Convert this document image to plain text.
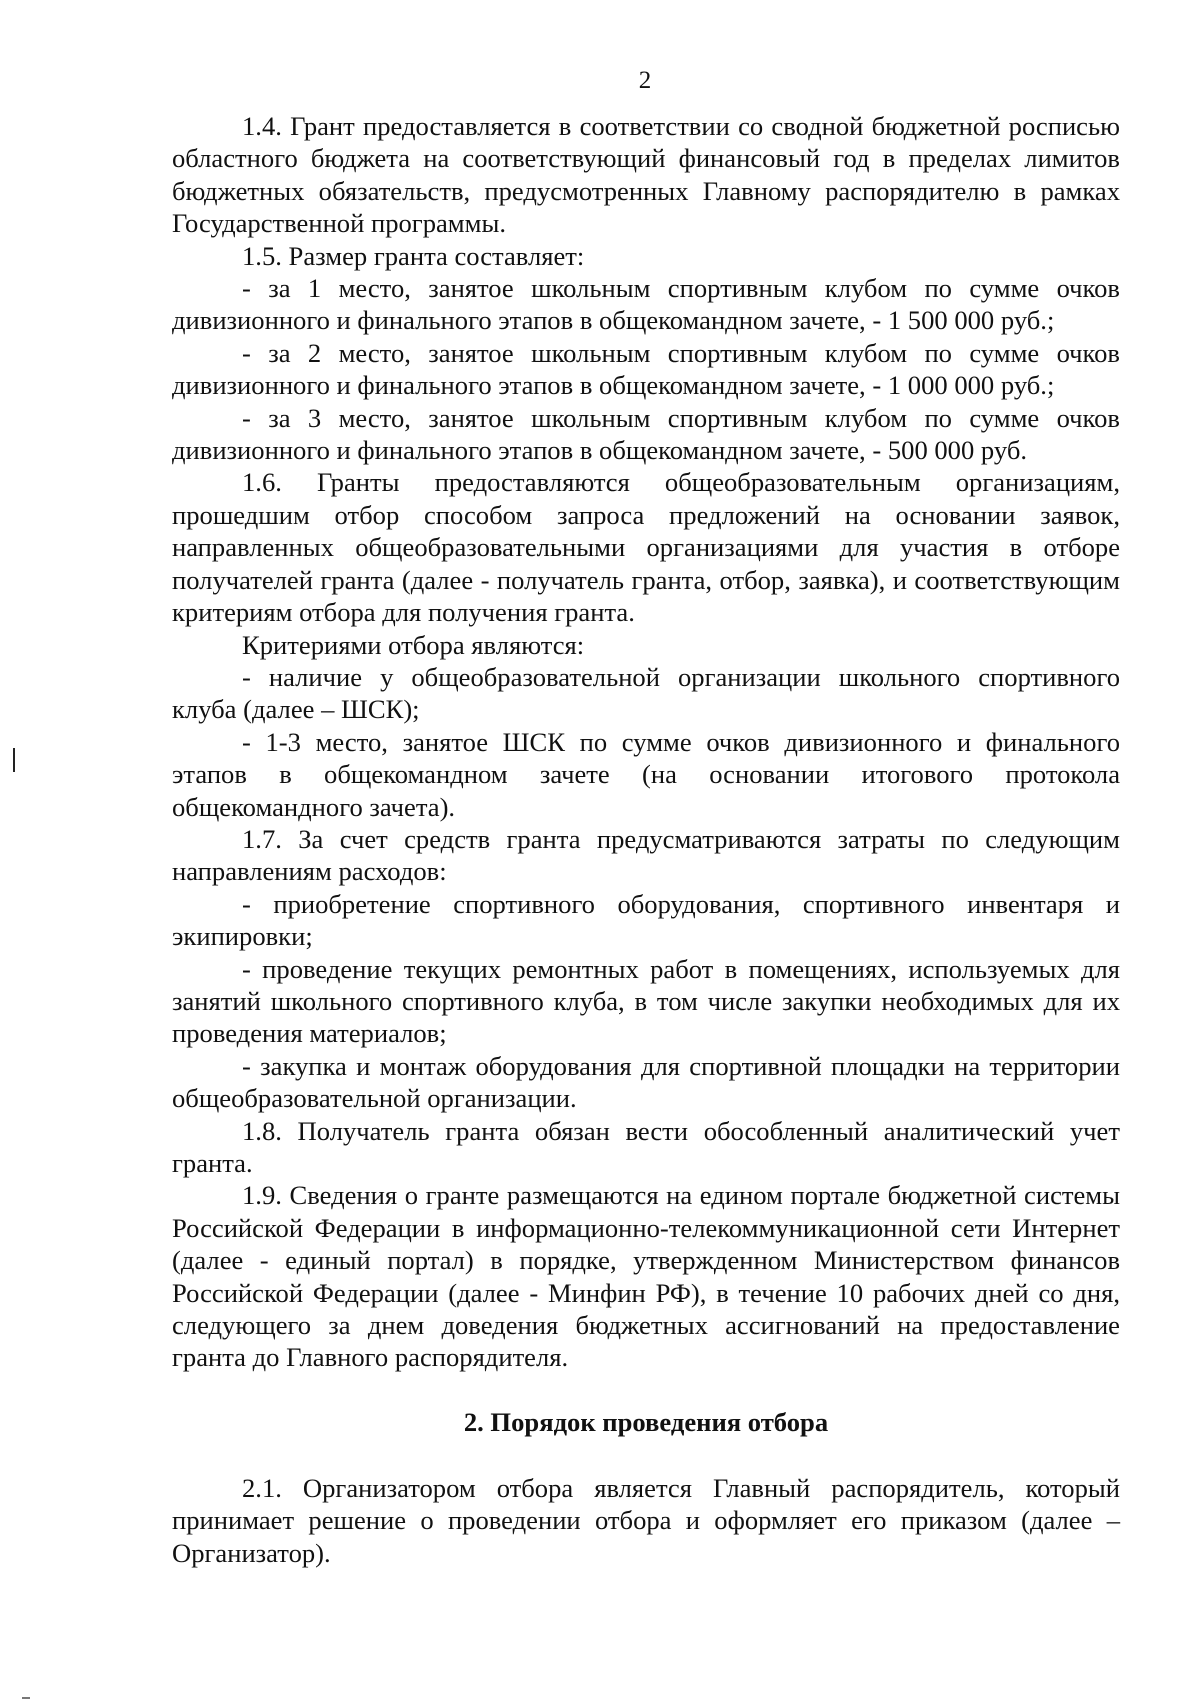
2

1.4. Грант предоставляется в соответствии со сводной бюджетной росписью областного бюджета на соответствующий финансовый год в пределах лимитов бюджетных обязательств, предусмотренных Главному распорядителю в рамках Государственной программы.

1.5. Размер гранта составляет:

- за 1 место, занятое школьным спортивным клубом по сумме очков дивизионного и финального этапов в общекомандном зачете, - 1 500 000 руб.;

- за 2 место, занятое школьным спортивным клубом по сумме очков дивизионного и финального этапов в общекомандном зачете, - 1 000 000 руб.;

- за 3 место, занятое школьным спортивным клубом по сумме очков дивизионного и финального этапов в общекомандном зачете, - 500 000 руб.

1.6. Гранты предоставляются общеобразовательным организациям, прошедшим отбор способом запроса предложений на основании заявок, направленных общеобразовательными организациями для участия в отборе получателей гранта (далее - получатель гранта, отбор, заявка), и соответствующим критериям отбора для получения гранта.

Критериями отбора являются:

- наличие у общеобразовательной организации школьного спортивного клуба (далее – ШСК);

- 1-3 место, занятое ШСК по сумме очков дивизионного и финального этапов в общекомандном зачете (на основании итогового протокола общекомандного зачета).

1.7. За счет средств гранта предусматриваются затраты по следующим направлениям расходов:

- приобретение спортивного оборудования, спортивного инвентаря и экипировки;

- проведение текущих ремонтных работ в помещениях, используемых для занятий школьного спортивного клуба, в том числе закупки необходимых для их проведения материалов;

- закупка и монтаж оборудования для спортивной площадки на территории общеобразовательной организации.

1.8. Получатель гранта обязан вести обособленный аналитический учет гранта.

1.9. Сведения о гранте размещаются на едином портале бюджетной системы Российской Федерации в информационно-телекоммуникационной сети Интернет (далее - единый портал) в порядке, утвержденном Министерством финансов Российской Федерации (далее - Минфин РФ), в течение 10 рабочих дней со дня, следующего за днем доведения бюджетных ассигнований на предоставление гранта до Главного распорядителя.

2. Порядок проведения отбора

2.1. Организатором отбора является Главный распорядитель, который принимает решение о проведении отбора и оформляет его приказом (далее – Организатор).
